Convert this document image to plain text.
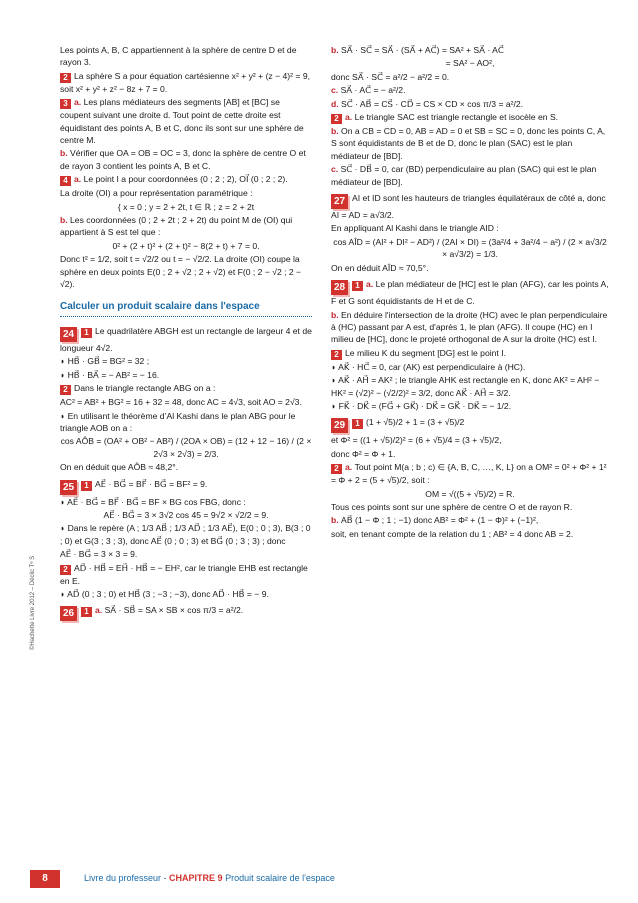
Les points A, B, C appartiennent à la sphère de centre D et de rayon 3.
2 La sphère S a pour équation cartésienne x² + y² + (z − 4)² = 9, soit x² + y² + z² − 8z + 7 = 0.
3 a. Les plans médiateurs des segments [AB] et [BC] se coupent suivant une droite d. Tout point de cette droite est équidistant des points A, B et C, donc ils sont sur une sphère de centre M.
b. Vérifier que OA = OB = OC = 3, donc la sphère de centre O et de rayon 3 contient les points A, B et C.
4 a. Le point I a pour coordonnées (0 ; 2 ; 2), OI⃗ (0 ; 2 ; 2).
La droite (OI) a pour représentation paramétrique :
{ x = 0 ; y = 2 + 2t, t ∈ ℝ ; z = 2 + 2t
b. Les coordonnées (0 ; 2 + 2t ; 2 + 2t) du point M de (OI) qui appartient à S est tel que :
0² + (2 + t)² + (2 + t)² − 8(2 + t) + 7 = 0.
Donc t² = 1/2, soit t = √2/2 ou t = − √2/2. La droite (OI) coupe la sphère en deux points E(0 ; 2 + √2 ; 2 + √2) et F(0 ; 2 − √2 ; 2 − √2).
Calculer un produit scalaire dans l'espace
24 1 Le quadrilatère ABGH est un rectangle de largeur 4 et de longueur 4√2.
◗ HB⃗ · GB⃗ = BG² = 32 ;
◗ HB⃗ · BA⃗ = − AB² = − 16.
2 Dans le triangle rectangle ABG on a :
AC² = AB² + BG² = 16 + 32 = 48, donc AC = 4√3, soit AO = 2√3.
◗ En utilisant le théorème d’Al Kashi dans le plan ABG pour le triangle AOB on a :
cos AÔB = (OA² + OB² − AB²) / (2OA × OB) = (12 + 12 − 16) / (2 × 2√3 × 2√3) = 2/3.
On en déduit que AÔB ≈ 48,2°.
25 1 AE⃗ · BG⃗ = BF⃗ · BG⃗ = BF² = 9.
◗ AE⃗ · BG⃗ = BF⃗ · BG⃗ = BF × BG cos FBG, donc :
AE⃗ · BG⃗ = 3 × 3√2 cos 45 = 9√2 × √2/2 = 9.
◗ Dans le repère (A ; 1/3 AB⃗ ; 1/3 AD⃗ ; 1/3 AE⃗), E(0 ; 0 ; 3), B(3 ; 0 ; 0) et G(3 ; 3 ; 3), donc AE⃗ (0 ; 0 ; 3) et BG⃗ (0 ; 3 ; 3) ; donc
AE⃗ · BG⃗ = 3 × 3 = 9.
2 AD⃗ · HB⃗ = EH⃗ · HB⃗ = − EH², car le triangle EHB est rectangle en E.
◗ AD⃗ (0 ; 3 ; 0) et HB⃗ (3 ; −3 ; −3), donc AD⃗ · HB⃗ = − 9.
26 1 a. SA⃗ · SB⃗ = SA × SB × cos π/3 = a²/2.
b. SA⃗ · SC⃗ = SA⃗ · (SA⃗ + AC⃗) = SA² + SA⃗ · AC⃗
= SA² − AO²,
donc SA⃗ · SC⃗ = a²/2 − a²/2 = 0.
c. SA⃗ · AC⃗ = − a²/2.
d. SC⃗ · AB⃗ = CS⃗ · CD⃗ = CS × CD × cos π/3 = a²/2.
2 a. Le triangle SAC est triangle rectangle et isocèle en S.
b. On a CB = CD = 0, AB = AD = 0 et SB = SC = 0, donc les points C, A, S sont équidistants de B et de D, donc le plan (SAC) est le plan médiateur de [BD].
c. SC⃗ · DB⃗ = 0, car (BD) perpendiculaire au plan (SAC) qui est le plan médiateur de [BD].
27 AI et ID sont les hauteurs de triangles équilatéraux de côté a, donc AI = AD = a√3/2.
En appliquant Al Kashi dans le triangle AID :
cos AÎD = (AI² + DI² − AD²) / (2AI × DI) = (3a²/4 + 3a²/4 − a²) / (2 × a√3/2 × a√3/2) = 1/3.
On en déduit AÎD ≈ 70,5°.
28 1 a. Le plan médiateur de [HC] est le plan (AFG), car les points A, F et G sont équidistants de H et de C.
b. En déduire l'intersection de la droite (HC) avec le plan perpendiculaire à (HC) passant par A est, d'après 1, le plan (AFG). Il coupe (HC) en I milieu de [HC], donc le projeté orthogonal de A sur la droite (HC) est I.
2 Le milieu K du segment [DG] est le point I.
◗ AK⃗ · HC⃗ = 0, car (AK) est perpendiculaire à (HC).
◗ AK⃗ · AH⃗ = AK² ; le triangle AHK est rectangle en K, donc AK² = AH² − HK² = (√2)² − (√2/2)² = 3/2, donc AK⃗ · AH⃗ = 3/2.
◗ FK⃗ · DK⃗ = (FG⃗ + GK⃗) · DK⃗ = GK⃗ · DK⃗ = − 1/2.
29 1 (1 + √5)/2 + 1 = (3 + √5)/2
et Φ² = ((1 + √5)/2)² = (6 + √5)/4 = (3 + √5)/2,
donc Φ² = Φ + 1.
2 a. Tout point M(a ; b ; c) ∈ {A, B, C, …, K, L} on a OM² = 0² + Φ² + 1² = Φ + 2 = (5 + √5)/2, soit :
OM = √((5 + √5)/2) = R.
Tous ces points sont sur une sphère de centre O et de rayon R.
b. AB⃗ (1 − Φ ; 1 ; −1) donc AB² = Φ² + (1 − Φ)² + (−1)²,
soit, en tenant compte de la relation du 1 ; AB² = 4 donc AB = 2.
©Hachette Livre 2012 – Déclic Tᵉ S
8	Livre du professeur - CHAPITRE 9 Produit scalaire de l'espace
